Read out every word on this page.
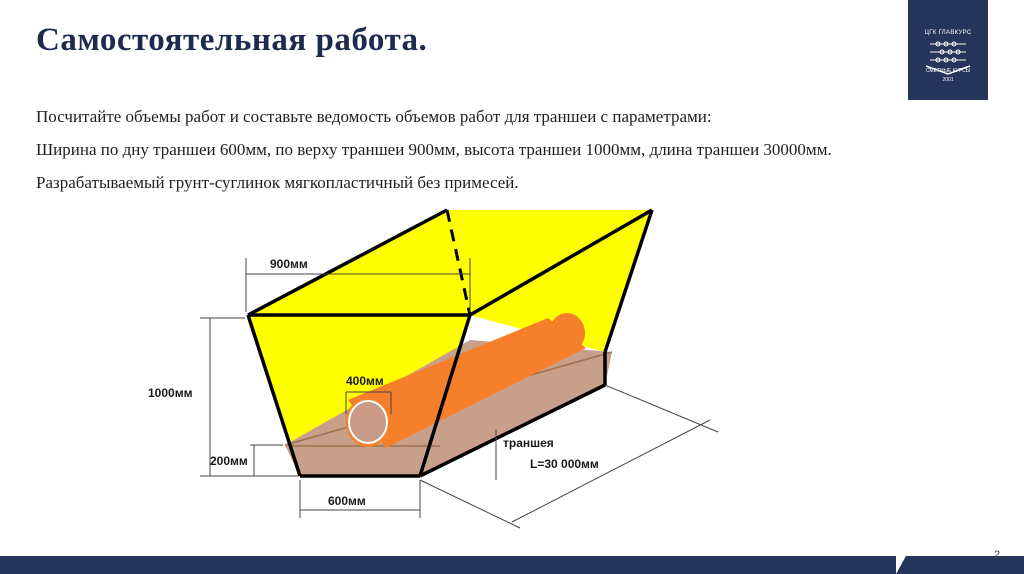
Самостоятельная работа.	ЦГК ГЛАВКУРС
СМЕТНЫЕ КУРСЫ
2001

Посчитайте объемы работ и составьте ведомость объемов работ для траншеи с параметрами:

Ширина по дну траншеи 600мм, по верху траншеи 900мм, высота траншеи 1000мм, длина траншеи 30000мм.

Разрабатываемый грунт-суглинок мягкопластичный без примесей.

900мм
1000мм
400мм
200мм
600мм
траншея
L=30 000мм
2
